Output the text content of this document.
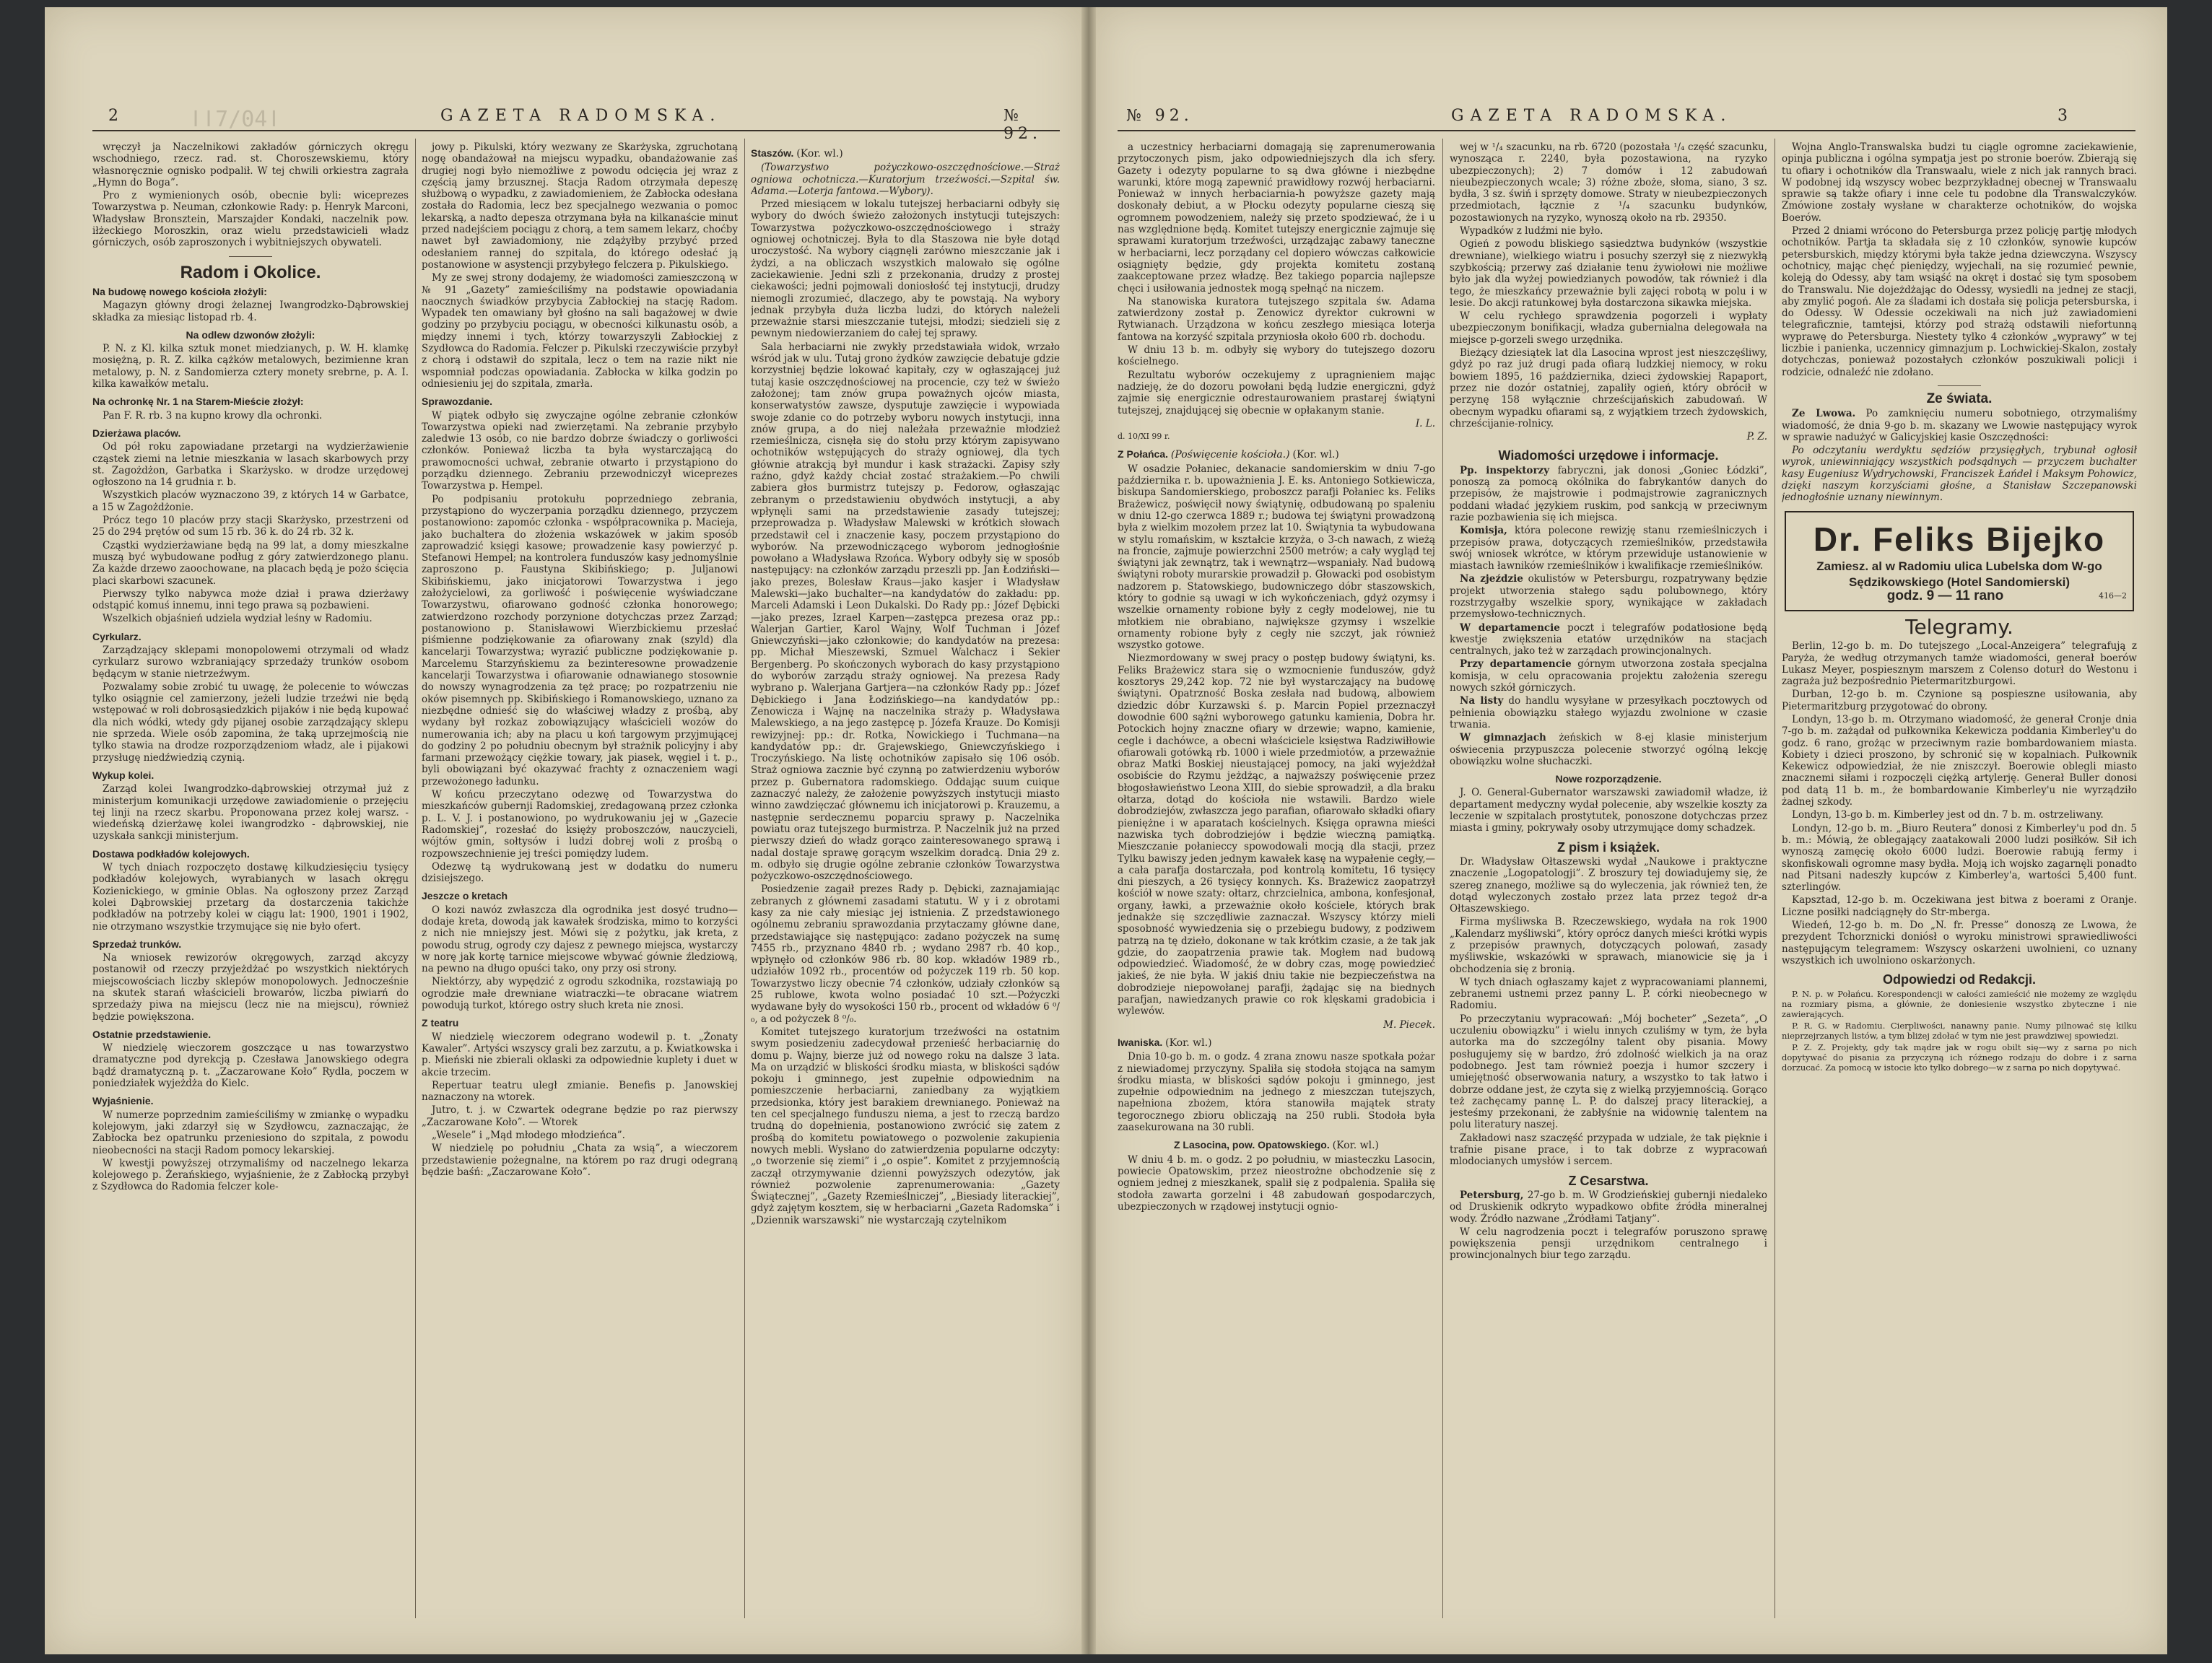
ǀǀ7/04ǀ
2	GAZETA RADOMSKA.	№ 92.
№ 92.	GAZETA RADOMSKA.	3

wręczył ja Naczelnikowi zakładów górniczych okręgu wschodniego, rzecz. rad. st. Choroszewskiemu, który własnoręcznie ognisko podpalił. W tej chwili orkiestra zagrała „Hymn do Boga”.

Pro z wymienionych osób, obecnie byli: wiceprezes Towarzystwa p. Neuman, członkowie Rady: p. Henryk Marconi, Władysław Bronsztein, Marszajder Kondaki, naczelnik pow. iłżeckiego Moroszkin, oraz wielu przedstawicieli władz górniczych, osób zaproszonych i wybitniejszych obywateli.

Radom i Okolice.
Na budowę nowego kościoła złożyli:

Magazyn główny drogi żelaznej Iwangrodzko-Dąbrowskiej składka za miesiąc listopad rb. 4.

Na odlew dzwonów złożyli:

P. N. z Kl. kilka sztuk monet miedzianych, p. W. H. klamkę mosiężną, p. R. Z. kilka cążków metalowych, bezimienne kran metalowy, p. N. z Sandomierza cztery monety srebrne, p. A. I. kilka kawałków metalu.

Na ochronkę Nr. 1 na Starem-Mieście złożył:

Pan F. R. rb. 3 na kupno krowy dla ochronki.

Dzierżawa placów.

Od pół roku zapowiadane przetargi na wydzierżawienie cząstek ziemi na letnie mieszkania w lasach skarbowych przy st. Zagożdżon, Garbatka i Skarżysko. w drodze urzędowej ogłoszono na 14 grudnia r. b.

Wszystkich placów wyznaczono 39, z których 14 w Garbatce, a 15 w Zagożdżonie.

Prócz tego 10 placów przy stacji Skarżysko, przestrzeni od 25 do 294 prętów od sum 15 rb. 36 k. do 24 rb. 32 k.

Cząstki wydzierżawiane będą na 99 lat, a domy mieszkalne muszą być wybudowane podług z góry zatwierdzonego planu. Za każde drzewo zaoochowane, na placach będą je pożo ścięcia placi skarbowi szacunek.

Pierwszy tylko nabywca może dział i prawa dzierżawy odstąpić komuś innemu, inni tego prawa są pozbawieni.

Wszelkich objaśnień udziela wydział leśny w Radomiu.

Cyrkularz.

Zarządzający sklepami monopolowemi otrzymali od władz cyrkularz surowo wzbraniający sprzedaży trunków osobom będącym w stanie nietrzeźwym.

Pozwalamy sobie zrobić tu uwagę, że polecenie to wówczas tylko osiągnie cel zamierzony, jeżeli ludzie trzeźwi nie będą wstępować w roli dobrosąsiedzkich pijaków i nie będą kupować dla nich wódki, wtedy gdy pijanej osobie zarządzający sklepu nie sprzeda. Wiele osób zapomina, że taką uprzejmością nie tylko stawia na drodze rozporządzeniom władz, ale i pijakowi przysługę niedźwiedzią czynią.

Wykup kolei.

Zarząd kolei Iwangrodzko-dąbrowskiej otrzymał już z ministerjum komunikacji urzędowe zawiadomienie o przejęciu tej linji na rzecz skarbu. Proponowana przez kolej warsz. - wiedeńską dzierżawę kolei iwangrodzko - dąbrowskiej, nie uzyskała sankcji ministerjum.

Dostawa podkładów kolejowych.

W tych dniach rozpoczęto dostawę kilkudziesięciu tysięcy podkładów kolejowych, wyrabianych w lasach okręgu Kozienickiego, w gminie Oblas. Na ogłoszony przez Zarząd kolei Dąbrowskiej przetarg da dostarczenia takichże podkładów na potrzeby kolei w ciągu lat: 1900, 1901 i 1902, nie otrzymano wszystkie trzymujące się nie było ofert.

Sprzedaż trunków.

Na wniosek rewizorów okręgowych, zarząd akcyzy postanowił od rzeczy przyjeżdżać po wszystkich niektórych miejscowościach liczby sklepów monopolowych. Jednocześnie na skutek starań właścicieli browarów, liczba piwiarń do sprzedaży piwa na miejscu (lecz nie na miejscu), również będzie powiększona.

Ostatnie przedstawienie.

W niedzielę wieczorem goszczące u nas towarzystwo dramatyczne pod dyrekcją p. Czesława Janowskiego odegra bądź dramatyczną p. t. „Zaczarowane Koło” Rydla, poczem w poniedziałek wyjeżdża do Kielc.

Wyjaśnienie.

W numerze poprzednim zamieściliśmy w zmiankę o wypadku kolejowym, jaki zdarzył się w Szydłowcu, zaznaczając, że Zabłocka bez opatrunku przeniesiono do szpitala, z powodu nieobecności na stacji Radom pomocy lekarskiej.

W kwestji powyższej otrzymaliśmy od naczelnego lekarza kolejowego p. Żerańskiego, wyjaśnienie, że z Zabłocką przybył z Szydłowca do Radomia felczer kole-

jowy p. Pikulski, który wezwany ze Skarżyska, zgruchotaną nogę obandażował na miejscu wypadku, obandażowanie zaś drugiej nogi było niemożliwe z powodu odcięcia jej wraz z częścią jamy brzusznej. Stacja Radom otrzymała depeszę służbową o wypadku, z zawiadomieniem, że Zabłocka odesłana została do Radomia, lecz bez specjalnego wezwania o pomoc lekarską, a nadto depesza otrzymana była na kilkanaście minut przed nadejściem pociągu z chorą, a tem samem lekarz, choćby nawet był zawiadomiony, nie zdążyłby przybyć przed odesłaniem rannej do szpitala, do którego odesłać ją postanowione w asystencji przybyłego felczera p. Pikulskiego.

My ze swej strony dodajemy, że wiadomości zamieszczoną w № 91 „Gazety” zamieściliśmy na podstawie opowiadania naocznych świadków przybycia Zabłockiej na stację Radom. Wypadek ten omawiany był głośno na sali bagażowej w dwie godziny po przybyciu pociągu, w obecności kilkunastu osób, a między innemi i tych, którzy towarzyszyli Zabłockiej z Szydłowca do Radomia. Felczer p. Pikulski rzeczywiście przybył z chorą i odstawił do szpitala, lecz o tem na razie nikt nie wspomniał podczas opowiadania. Zabłocka w kilka godzin po odniesieniu jej do szpitala, zmarła.

Sprawozdanie.

W piątek odbyło się zwyczajne ogólne zebranie członków Towarzystwa opieki nad zwierzętami. Na zebranie przybyło zaledwie 13 osób, co nie bardzo dobrze świadczy o gorliwości członków. Ponieważ liczba ta była wystarczającą do prawomocności uchwał, zebranie otwarto i przystąpiono do porządku dziennego. Zebraniu przewodniczył wiceprezes Towarzystwa p. Hempel.

Po podpisaniu protokułu poprzedniego zebrania, przystąpiono do wyczerpania porządku dziennego, przyczem postanowiono: zapomóc członka - współpracownika p. Macieja, jako buchaltera do złożenia wskazówek w jakim sposób zaprowadzić księgi kasowe; prowadzenie kasy powierzyć p. Stefanowi Hempel; na kontrolera funduszów kasy jednomyślnie zaproszono p. Faustyna Skibińskiego; p. Juljanowi Skibińskiemu, jako inicjatorowi Towarzystwa i jego założycielowi, za gorliwość i poświęcenie wyświadczane Towarzystwu, ofiarowano godność członka honorowego; zatwierdzono rozchody porzynione dotychczas przez Zarząd; postanowiono p. Stanisławowi Wierzbickiemu przesłać piśmienne podziękowanie za ofiarowany znak (szyld) dla kancelarji Towarzystwa; wyrazić publiczne podziękowanie p. Marcelemu Starzyńskiemu za bezinteresowne prowadzenie kancelarji Towarzystwa i ofiarowanie odnawianego stosownie do nowszy wynagrodzenia za tęż pracę; po rozpatrzeniu nie oków pisemnych pp. Skibińskiego i Romanowskiego, uznano za niezbędne odnieść się do właściwej władzy z prośbą, aby wydany był rozkaz zobowiązujący właścicieli wozów do numerowania ich; aby na placu u koń targowym przyjmującej do godziny 2 po południu obecnym był strażnik policyjny i aby farmani przewożący ciężkie towary, jak piasek, węgiel i t. p., byli obowiązani być okazywać frachty z oznaczeniem wagi przewożonego ładunku.

W końcu przeczytano odezwę od Towarzystwa do mieszkańców gubernji Radomskiej, zredagowaną przez członka p. L. V. J. i postanowiono, po wydrukowaniu jej w „Gazecie Radomskiej”, rozesłać do księży proboszczów, nauczycieli, wójtów gmin, sołtysów i ludzi dobrej woli z prośbą o rozpowszechnienie jej treści pomiędzy ludem.

Odezwę tą wydrukowaną jest w dodatku do numeru dzisiejszego.

Jeszcze o kretach

O kozi nawóz zwłaszcza dla ogrodnika jest dosyć trudno—dodaje kreta, dowodą jak kawałek środziska, mimo to korzyści z nich nie mniejszy jest. Mówi się z pożytku, jak kreta, z powodu strug, ogrody czy dajesz z pewnego miejsca, wystarczy w norę jak kortę tarnice miejscowe wbywać gównie źledziową, na pewno na długo opuści tako, ony przy osi strony.

Niektórzy, aby wypędzić z ogrodu szkodnika, rozstawiają po ogrodzie małe drewniane wiatraczki—te obracane wiatrem powodują turkot, którego ostry słuch kreta nie znosi.

Z teatru

W niedzielę wieczorem odegrano wodewil p. t. „Żonaty Kawaler”. Artyści wszyscy grali bez zarzutu, a p. Kwiatkowska i p. Mieński nie zbierali oklaski za odpowiednie kuplety i duet w akcie trzecim.

Repertuar teatru uległ zmianie. Benefis p. Janowskiej naznaczony na wtorek.

Jutro, t. j. w Czwartek odegrane będzie po raz pierwszy „Zaczarowane Koło”. — Wtorek

„Wesele” i „Mąd młodego młodzieńca”.

W niedzielę po południu „Chata za wsią”, a wieczorem przedstawienie pożegnalne, na którem po raz drugi odegraną będzie baśń: „Zaczarowane Koło”.

Staszów. (Kor. wl.)

(Towarzystwo pożyczkowo-oszczędnościowe.—Straż ogniowa ochotnicza.—Kuratorjum trzeźwości.—Szpital św. Adama.—Loterja fantowa.—Wybory).

Przed miesiącem w lokalu tutejszej herbaciarni odbyły się wybory do dwóch świeżo założonych instytucji tutejszych: Towarzystwa pożyczkowo-oszczędnościowego i straży ogniowej ochotniczej. Była to dla Staszowa nie byłe dotąd uroczystość. Na wybory ciągnęli zarówno mieszczanie jak i żydzi, a na obliczach wszystkich malowało się ogólne zaciekawienie. Jedni szli z przekonania, drudzy z prostej ciekawości; jedni pojmowali doniosłość tej instytucji, drudzy niemogli zrozumieć, dlaczego, aby te powstają. Na wybory jednak przybyła duża liczba ludzi, do których należeli przeważnie starsi mieszczanie tutejsi, młodzi; siedzieli się z pewnym niedowierzaniem do całej tej sprawy.

Sala herbaciarni nie zwykły przedstawiała widok, wrzało wśród jak w ulu. Tutaj grono żydków zawzięcie debatuje gdzie korzystniej będzie lokować kapitały, czy w ogłaszającej już tutaj kasie oszczędnościowej na procencie, czy też w świeżo założonej; tam znów grupa poważnych ojców miasta, konserwatystów zawsze, dysputuje zawzięcie i wypowiada swoje zdanie co do potrzeby wyboru nowych instytucji, inna znów grupa, a do niej należała przeważnie młodzież rzemieślnicza, cisnęła się do stołu przy którym zapisywano ochotników wstępujących do straży ogniowej, dla tych głównie atrakcją był mundur i kask strażacki. Zapisy szły raźno, gdyż każdy chciał zostać strażakiem.—Po chwili zabiera głos burmistrz tutejszy p. Fedorow, ogłaszając zebranym o przedstawieniu obydwóch instytucji, a aby wpłynęli sami na przedstawienie zasady tutejszej; przeprowadza p. Władysław Malewski w krótkich słowach przedstawił cel i znaczenie kasy, poczem przystąpiono do wyborów. Na przewodniczącego wyborom jednogłośnie powołano a Władysława Rzońca. Wybory odbyły się w sposób następujący: na członków zarządu przeszli pp. Jan Łodziński—jako prezes, Bolesław Kraus—jako kasjer i Władysław Malewski—jako buchalter—na kandydatów do zakładu: pp. Marceli Adamski i Leon Dukalski. Do Rady pp.: Józef Dębicki—jako prezes, Izrael Karpen—zastępca prezesa oraz pp.: Walerjan Gartier, Karol Wajny, Wolf Tuchman i Józef Gniewczyński—jako członkowie; do kandydatów na prezesa: pp. Michał Mieszewski, Szmuel Walchacz i Sekier Bergenberg. Po skończonych wyborach do kasy przystąpiono do wyborów zarządu straży ogniowej. Na prezesa Rady wybrano p. Walerjana Gartjera—na członków Rady pp.: Józef Dębickiego i Jana Łodzińskiego—na kandydatów pp.: Zenowicza i Wajnę na naczelnika straży p. Władysława Malewskiego, a na jego zastępcę p. Józefa Krauze. Do Komisji rewizyjnej: pp.: dr. Rotka, Nowickiego i Tuchmana—na kandydatów pp.: dr. Grajewskiego, Gniewczyńskiego i Troczyńskiego. Na listę ochotników zapisało się 106 osób. Straż ogniowa zacznie być czynną po zatwierdzeniu wyborów przez p. Gubernatora radomskiego. Oddając suum cuique zaznaczyć należy, że założenie powyższych instytucji miasto winno zawdzięczać głównemu ich inicjatorowi p. Krauzemu, a następnie serdecznemu poparciu sprawy p. Naczelnika powiatu oraz tutejszego burmistrza. P. Naczelnik już na przed pierwszy dzień do władz gorąco zainteresowanego sprawą i nadal dostaje sprawę gorącym wszelkim doradcą. Dnia 29 z. m. odbyło się drugie ogólne zebranie członków Towarzystwa pożyczkowo-oszczędnościowego.

Posiedzenie zagaił prezes Rady p. Dębicki, zaznajamiając zebranych z głównemi zasadami statutu. W y i z obrotami kasy za nie cały miesiąc jej istnienia. Z przedstawionego ogólnemu zebraniu sprawozdania przytaczamy główne dane, przedstawiające się następująco: zadano pożyczek na sumę 7455 rb., przyznano 4840 rb. ; wydano 2987 rb. 40 kop., wpłynęło od członków 986 rb. 80 kop. wkładów 1989 rb., udziałów 1092 rb., procentów od pożyczek 119 rb. 50 kop. Towarzystwo liczy obecnie 74 członków, udziały członków są 25 rublowe, kwota wolno posiadać 10 szt.—Pożyczki wydawane były do wysokości 150 rb., procent od wkładów 6 ⁰/₀, a od pożyczek 8 ⁰/₀.

Komitet tutejszego kuratorjum trzeźwości na ostatnim swym posiedzeniu zadecydował przenieść herbaciarnię do domu p. Wajny, bierze już od nowego roku na dalsze 3 lata. Ma on urządzić w bliskości środku miasta, w bliskości sądów pokoju i gminnego, jest zupełnie odpowiednim na pomieszczenie herbaciarni, zaniedbany za wyjątkiem przedsionka, który jest barakiem drewnianego. Ponieważ na ten cel specjalnego funduszu niema, a jest to rzeczą bardzo trudną do dopełnienia, postanowiono zwrócić się zatem z prośbą do komitetu powiatowego o pozwolenie zakupienia nowych mebli. Wysłano do zatwierdzenia popularne odczyty: „o tworzenie się ziemi” i „o ospie”. Komitet z przyjemnością zaczął otrzymywanie dzienni powyższych odezytów, jak również pozwolenie zaprenumerowania: „Gazety Świątecznej”, „Gazety Rzemieślniczej”, „Biesiady literackiej”, gdyż zajętym kosztem, się w herbaciarni „Gazeta Radomska” i „Dziennik warszawski” nie wystarczają czytelnikom

a uczestnicy herbaciarni domagają się zaprenumerowania przytoczonych pism, jako odpowiedniejszych dla ich sfery. Gazety i odezyty popularne to są dwa główne i niezbędne warunki, które mogą zapewnić prawidłowy rozwój herbaciarni. Ponieważ w innych herbaciarnia-h powyższe gazety mają doskonały debiut, a w Płocku odezyty popularne cieszą się ogromnem powodzeniem, należy się przeto spodziewać, że i u nas względnione będą. Komitet tutejszy energicznie zajmuje się sprawami kuratorjum trzeźwości, urządzając zabawy taneczne w herbaciarni, lecz porządany cel dopiero wówczas całkowicie osiągnięty będzie, gdy projekta komitetu zostaną zaakceptowane przez władzę. Bez takiego poparcia najlepsze chęci i usiłowania jednostek mogą spełnąć na niczem.

Na stanowiska kuratora tutejszego szpitala św. Adama zatwierdzony został p. Zenowicz dyrektor cukrowni w Rytwianach. Urządzona w końcu zeszłego miesiąca loterja fantowa na korzyść szpitala przyniosła około 600 rb. dochodu.

W dniu 13 b. m. odbyły się wybory do tutejszego dozoru kościelnego.

Rezultatu wyborów oczekujemy z upragnieniem mając nadzieję, że do dozoru powołani będą ludzie energiczni, gdyż zajmie się energicznie odrestaurowaniem prastarej świątyni tutejszej, znajdującej się obecnie w opłakanym stanie.

I. L.

d. 10/XI 99 r.

Z Połańca. (Poświęcenie kościoła.) (Kor. wl.)

W osadzie Połaniec, dekanacie sandomierskim w dniu 7-go października r. b. upoważnienia J. E. ks. Antoniego Sotkiewicza, biskupa Sandomierskiego, proboszcz parafji Połaniec ks. Feliks Brażewicz, poświęcił nowy świątynię, odbudowaną po spaleniu w dniu 12-go czerwca 1889 r.; budowa tej świątyni prowadzoną była z wielkim mozołem przez lat 10. Świątynia ta wybudowana w stylu romańskim, w kształcie krzyża, o 3-ch nawach, z wieżą na froncie, zajmuje powierzchni 2500 metrów; a cały wygląd tej świątyni jak zewnątrz, tak i wewnątrz—wspaniały. Nad budową świątyni roboty murarskie prowadził p. Głowacki pod osobistym nadzorem p. Statowskiego, budowniczego dóbr staszowskich, który to godnie są uwagi w ich wykończeniach, gdyż ozymsy i wszelkie ornamenty robione były z cegły modelowej, nie tu młotkiem nie obrabiano, największe gzymsy i wszelkie ornamenty robione były z cegły nie szczyt, jak również wszystko gotowe.

Niezmordowany w swej pracy o postęp budowy świątyni, ks. Feliks Brażewicz stara się o wzmocnienie funduszów, gdyż kosztorys 29,242 kop. 72 nie był wystarczający na budowę świątyni. Opatrzność Boska zesłała nad budową, albowiem dziedzic dóbr Kurzawski ś. p. Marcin Popiel przeznaczył dowodnie 600 sążni wyborowego gatunku kamienia, Dobra hr. Potockich hojny znaczne ofiary w drzewie; wapno, kamienie, cegle i dachówce, a obecni właściciele księstwa Radziwiłłowie ofiarowali gotówką rb. 1000 i wiele przedmiotów, a przeważnie obraz Matki Boskiej nieustającej pomocy, na jaki wyjeżdżał osobiście do Rzymu jeżdżąc, a najważszy poświęcenie przez błogosławieństwo Leona XIII, do siebie sprowadził, a dla braku ołtarza, dotąd do kościoła nie wstawili. Bardzo wiele dobrodziejów, zwłaszcza jego parafian, ofiarowało składki ofiary pieniężne i w aparatach kościelnych. Księga oprawna mieści nazwiska tych dobrodziejów i będzie wieczną pamiątką. Mieszczanie połanieccy spowodowali mocją dla stacji, przez Tylku bawiszy jeden jednym kawałek kasę na wypałenie cegły,—a cała parafja dostarczała, pod kontrolą komitetu, 16 tysięcy dni pieszych, a 26 tysięcy konnych. Ks. Brażewicz zaopatrzył kościół w nowe szaty: ołtarz, chrzcielnica, ambona, konfesjonał, organy, ławki, a przeważnie około kościele, których brak jednakże się szczędliwie zaznaczał. Wszyscy którzy mieli sposobność wywiedzenia się o przebiegu budowy, z podziwem patrzą na tę dzieło, dokonane w tak krótkim czasie, a że tak jak gdzie, do zaopatrzenia prawie tak. Mogłem nad budową odpowiedzieć. Wiadomość, że w dobry czas, mogę powiedzieć jakieś, że nie była. W jakiś dniu takie nie bezpieczeństwa na dobrodzieje niepowołanej parafji, żądając się na biednych parafjan, nawiedzanych prawie co rok klęskami gradobicia i wylewów.

M. Piecek.

Iwaniska. (Kor. wl.)

Dnia 10-go b. m. o godz. 4 zrana znowu nasze spotkała pożar z niewiadomej przyczyny. Spaliła się stodoła stojąca na samym środku miasta, w bliskości sądów pokoju i gminnego, jest zupełnie odpowiednim na jednego z mieszczan tutejszych, napełniona zbożem, która stanowiła majątek straty tegorocznego zbioru obliczają na 250 rubli. Stodoła była zaasekurowana na 30 rubli.

Z Lasocina, pow. Opatowskiego. (Kor. wl.)

W dniu 4 b. m. o godz. 2 po południu, w miasteczku Lasocin, powiecie Opatowskim, przez nieostrożne obchodzenie się z ogniem jednej z mieszkanek, spalił się z podpalenia. Spaliła się stodoła zawarta gorzelni i 48 zabudowań gospodarczych, ubezpieczonych w rządowej instytucji ognio-

wej w ¹/₄ szacunku, na rb. 6720 (pozostała ¹/₄ część szacunku, wynosząca r. 2240, była pozostawiona, na ryzyko ubezpieczonych); 2) 7 domów i 12 zabudowań nieubezpieczonych wcale; 3) różne zboże, słoma, siano, 3 sz. bydła, 3 sz. świń i sprzęty domowe. Straty w nieubezpieczonych przedmiotach, łącznie z ¹/₄ szacunku budynków, pozostawionych na ryzyko, wynoszą około na rb. 29350.

Wypadków z ludźmi nie było.

Ogień z powodu bliskiego sąsiedztwa budynków (wszystkie drewniane), wielkiego wiatru i posuchy szerzył się z niezwykłą szybkością; przerwy zaś działanie tenu żywiołowi nie możliwe było jak dla wyżej powiedzianych powodów, tak również i dla tego, że mieszkańcy przeważnie byli zajęci robotą w polu i w lesie. Do akcji ratunkowej była dostarczona sikawka miejska.

W celu rychłego sprawdzenia pogorzeli i wypłaty ubezpieczonym bonifikacji, władza gubernialna delegowała na miejsce p-gorzeli swego urzędnika.

Bieżący dziesiątek lat dla Lasocina wprost jest nieszczęśliwy, gdyż po raz już drugi pada ofiarą ludzkiej niemocy, w roku bowiem 1895, 16 października, dzieci żydowskiej Rapaport, przez nie dozór ostatniej, zapaliły ogień, który obrócił w perzynę 158 wyłącznie chrześcijańskich zabudowań. W obecnym wypadku ofiarami są, z wyjątkiem trzech żydowskich, chrześcijanie-rolnicy.

P. Z.

Wiadomości urzędowe i informacje.

Pp. inspektorzy fabryczni, jak donosi „Goniec Łódzki”, ponoszą za pomocą okólnika do fabrykantów danych do przepisów, że majstrowie i podmajstrowie zagranicznych poddani władać językiem ruskim, pod sankcją w przeciwnym razie pozbawienia się ich miejsca.

Komisja, która polecone rewizję stanu rzemieślniczych i przepisów prawa, dotyczących rzemieślników, przedstawiła swój wniosek wkrótce, w którym przewiduje ustanowienie w miastach ławników rzemieślników i kwalifikacje rzemieślników.

Na zjeździe okulistów w Petersburgu, rozpatrywany będzie projekt utworzenia stałego sądu polubownego, który rozstrzygałby wszelkie spory, wynikające w zakładach przemysłowo-technicznych.

W departamencie poczt i telegrafów podatłosione będą kwestje zwiększenia etatów urzędników na stacjach centralnych, jako też w zarządach prowincjonalnych.

Przy departamencie górnym utworzona została specjalna komisja, w celu opracowania projektu założenia szeregu nowych szkół górniczych.

Na listy do handlu wysyłane w przesyłkach pocztowych od pełnienia obowiązku stałego wyjazdu zwolnione w czasie trwania.

W gimnazjach żeńskich w 8-ej klasie ministerjum oświecenia przypuszcza polecenie stworzyć ogólną lekcję obowiązku wolne słuchaczki.

Nowe rozporządzenie.

J. O. General-Gubernator warszawski zawiadomił władze, iż departament medyczny wydał polecenie, aby wszelkie koszty za leczenie w szpitalach prostytutek, ponoszone dotychczas przez miasta i gminy, pokrywały osoby utrzymujące domy schadzek.

Z pism i książek.

Dr. Władysław Ołtaszewski wydał „Naukowe i praktyczne znaczenie „Logopatologji”. Z broszury tej dowiadujemy się, że szereg znanego, możliwe są do wyleczenia, jak również ten, że dotąd wyleczonych zostało przez lata przez tegoż dr-a Ołtaszewskiego.

Firma myśliwska B. Rzeczewskiego, wydała na rok 1900 „Kalendarz myśliwski”, który oprócz danych mieści krótki wypis z przepisów prawnych, dotyczących polowań, zasady myśliwskie, wskazówki w sprawach, mianowicie się ja i obchodzenia się z bronią.

W tych dniach ogłaszamy kajet z wypracowaniami plannemi, zebranemi ustnemi przez panny L. P. córki nieobecnego w Radomiu.

Po przeczytaniu wypracowań: „Mój bocheter” „Sezeta”, „O uczuleniu obowiązku” i wielu innych czuliśmy w tym, że była autorka ma do szczególny talent oby pisania. Mowy posługujemy się w bardzo, źró zdolność wielkich ja na oraz podobnego. Jest tam również poezja i humor szczery i umiejętność obserwowania natury, a wszystko to tak łatwo i dobrze oddane jest, że czyta się z wielką przyjemnością. Gorąco też zachęcamy pannę L. P. do dalszej pracy literackiej, a jesteśmy przekonani, że zabłyśnie na widownię talentem na polu literatury naszej.

Zakładowi nasz szaczęść przypada w udziale, że tak pięknie i trafnie pisane prace, i to tak dobrze z wypracowań mlodocianych umysłów i sercem.

Z Cesarstwa.

Petersburg, 27-go b. m. W Grodzieńskiej gubernji niedaleko od Druskienik odkryto wypadkowo obfite źródła mineralnej wody. Źródło nazwane „Źródłami Tatjany”.

W celu nagrodzenia poczt i telegrafów poruszono sprawę powiększenia pensji urzędnikom centralnego i prowincjonalnych biur tego zarządu.

Wojna Anglo-Transwalska budzi tu ciągle ogromne zaciekawienie, opinja publiczna i ogólna sympatja jest po stronie boerów. Zbierają się tu ofiary i ochotników dla Transwaalu, wiele z nich jak rannych braci. W podobnej idą wszyscy wobec bezprzykładnej obecnej w Transwaalu sprawie są także ofiary i inne cele tu podobne dla Transwalczyków. Zmówione zostały wysłane w charakterze ochotników, do wojska Boerów.

Przed 2 dniami wrócono do Petersburga przez policję partję młodych ochotników. Partja ta składała się z 10 członków, synowie kupców petersburskich, między którymi była także jedna dziewczyna. Wszyscy ochotnicy, mając chęć pieniędzy, wyjechali, na się rozumieć pewnie, koleją do Odessy, aby tam wsiąść na okręt i dostać się tym sposobem do Transwalu. Nie dojeżdżając do Odessy, wysiedli na jednej ze stacji, aby zmylić pogoń. Ale za śladami ich dostała się policja petersburska, i do Odessy. W Odessie oczekiwali na nich już zawiadomieni telegraficznie, tamtejsi, którzy pod strażą odstawili niefortunną wyprawę do Petersburga. Niestety tylko 4 członków „wyprawy” w tej liczbie i panienka, uczennicy gimnazjum p. Lochwickiej-Skalon, zostały dotychczas, ponieważ pozostałych członków poszukiwali policji i rodzicie, odnaleźć nie zdołano.

Ze świata.

Ze Lwowa. Po zamknięciu numeru sobotniego, otrzymaliśmy wiadomość, że dnia 9-go b. m. skazany we Lwowie następujący wyrok w sprawie nadużyć w Galicyjskiej kasie Oszczędności:

Po odczytaniu werdyktu sędziów przysięgłych, trybunał ogłosił wyrok, uniewinniający wszystkich podsądnych — przyczem buchalter kasy Eugeniusz Wydrychowski, Franciszek Łańdel i Maksym Pohowicz, dzięki naszym korzyściami głośne, a Stanisław Szczepanowski jednogłośnie uznany niewinnym.

Dr. Feliks Bijejko
Zamiesz. al w Radomiu ulica Lubelska dom W-go Sędzikowskiego (Hotel Sandomierski)
godz. 9 — 11 rano	416—2
Telegramy.

Berlin, 12-go b. m. Do tutejszego „Local-Anzeigera” telegrafują z Paryża, że według otrzymanych tamże wiadomości, generał boerów Lukasz Meyer, pospiesznym marszem z Colenso doturł do Westonu i zagraża już bezpośrednio Pietermaritzburgowi.

Durban, 12-go b. m. Czynione są pospieszne usiłowania, aby Pietermaritzburg przygotować do obrony.

Londyn, 13-go b. m. Otrzymano wiadomość, że generał Cronje dnia 7-go b. m. zażądał od pułkownika Kekewicza poddania Kimberley'u do godz. 6 rano, grożąc w przeciwnym razie bombardowaniem miasta. Kobiety i dzieci proszono, by schronić się w kopalniach. Pułkownik Kekewicz odpowiedział, że nie zniszczył. Boerowie oblegli miasto znacznemi siłami i rozpoczęli ciężką artylerję. Generał Buller donosi pod datą 11 b. m., że bombardowanie Kimberley'u nie wyrządziło żadnej szkody.

Londyn, 13-go b. m. Kimberley jest od dn. 7 b. m. ostrzeliwany.

Londyn, 12-go b. m. „Biuro Reutera” donosi z Kimberley'u pod dn. 5 b. m.: Mówią, że oblegający zaatakowali 2000 ludzi posiłków. Sił ich wynoszą zamęcię około 6000 ludzi. Boerowie rabują fermy i skonfiskowali ogromne masy bydła. Moją ich wojsko zagarnęli ponadto nad Pitsani nadeszły kupców z Kimberley'a, wartości 5,400 funt. szterlingów.

Kapsztad, 12-go b. m. Oczekiwana jest bitwa z boerami z Oranje. Liczne posiłki nadciągnęły do Str-mberga.

Wiedeń, 12-go b. m. Do „N. fr. Presse” donoszą ze Lwowa, że prezydent Tchorznicki doniósł o wyroku ministrowi sprawiedliwości następującym telegramem: Wszyscy oskarżeni uwolnieni, co uznany wszystkich ich uwolniono oskarżonych.

Odpowiedzi od Redakcji.

P. N. p. w Połańcu. Korespondencji w całości zamieścić nie możemy ze względu na rozmiary pisma, a głównie, że doniesienie wszystko zbyteczne i nie zawierających.

P. R. G. w Radomiu. Cierpliwości, nanawny panie. Numy pilnować się kilku nieprzejrzanych listów, a tym bliżej zdołać w tym nie jest prawdziwej spowiedzi.

P. Z. Z. Projekty, gdy tak mądre jak w rogu obilt się—wy z sarna po nich dopytywać do pisania za przyczyną ich różnego rodzaju do dobre i z sarna dorzucać. Za pomocą w istocie kto tylko dobrego—w z sarna po nich dopytywać.
